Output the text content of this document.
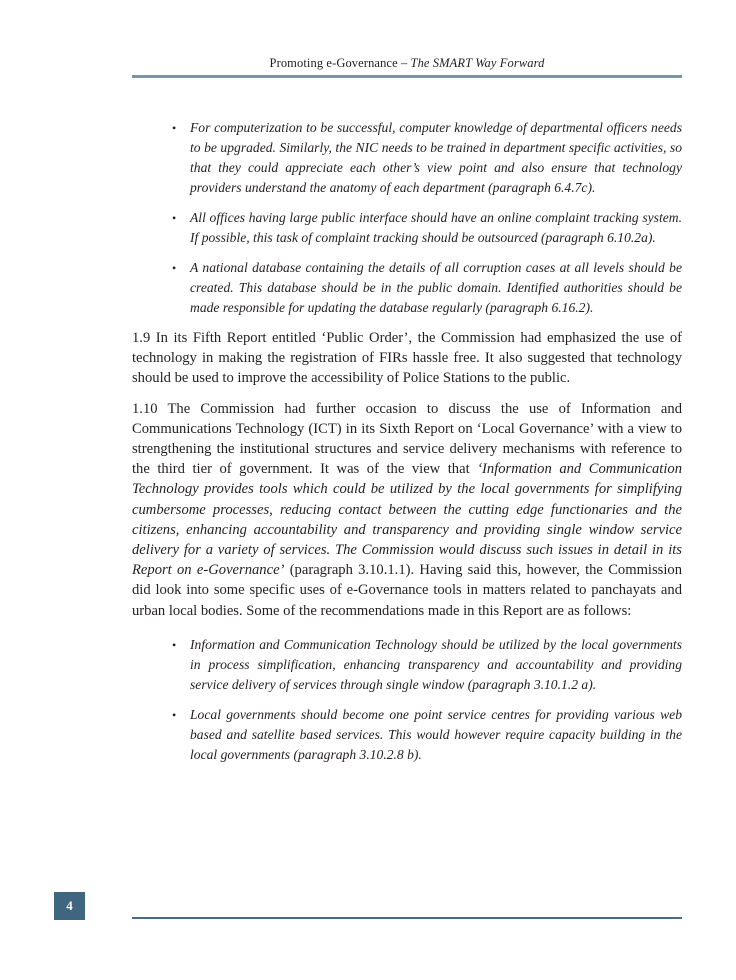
Promoting e-Governance – The SMART Way Forward
• For computerization to be successful, computer knowledge of departmental officers needs to be upgraded. Similarly, the NIC needs to be trained in department specific activities, so that they could appreciate each other’s view point and also ensure that technology providers understand the anatomy of each department (paragraph 6.4.7c).
• All offices having large public interface should have an online complaint tracking system. If possible, this task of complaint tracking should be outsourced (paragraph 6.10.2a).
• A national database containing the details of all corruption cases at all levels should be created. This database should be in the public domain. Identified authorities should be made responsible for updating the database regularly (paragraph 6.16.2).

1.9 In its Fifth Report entitled ‘Public Order’, the Commission had emphasized the use of technology in making the registration of FIRs hassle free. It also suggested that technology should be used to improve the accessibility of Police Stations to the public.

1.10 The Commission had further occasion to discuss the use of Information and Communications Technology (ICT) in its Sixth Report on ‘Local Governance’ with a view to strengthening the institutional structures and service delivery mechanisms with reference to the third tier of government. It was of the view that ‘Information and Communication Technology provides tools which could be utilized by the local governments for simplifying cumbersome processes, reducing contact between the cutting edge functionaries and the citizens, enhancing accountability and transparency and providing single window service delivery for a variety of services. The Commission would discuss such issues in detail in its Report on e-Governance’ (paragraph 3.10.1.1). Having said this, however, the Commission did look into some specific uses of e-Governance tools in matters related to panchayats and urban local bodies. Some of the recommendations made in this Report are as follows:

• Information and Communication Technology should be utilized by the local governments in process simplification, enhancing transparency and accountability and providing service delivery of services through single window (paragraph 3.10.1.2 a).
• Local governments should become one point service centres for providing various web based and satellite based services. This would however require capacity building in the local governments (paragraph 3.10.2.8 b).
4
